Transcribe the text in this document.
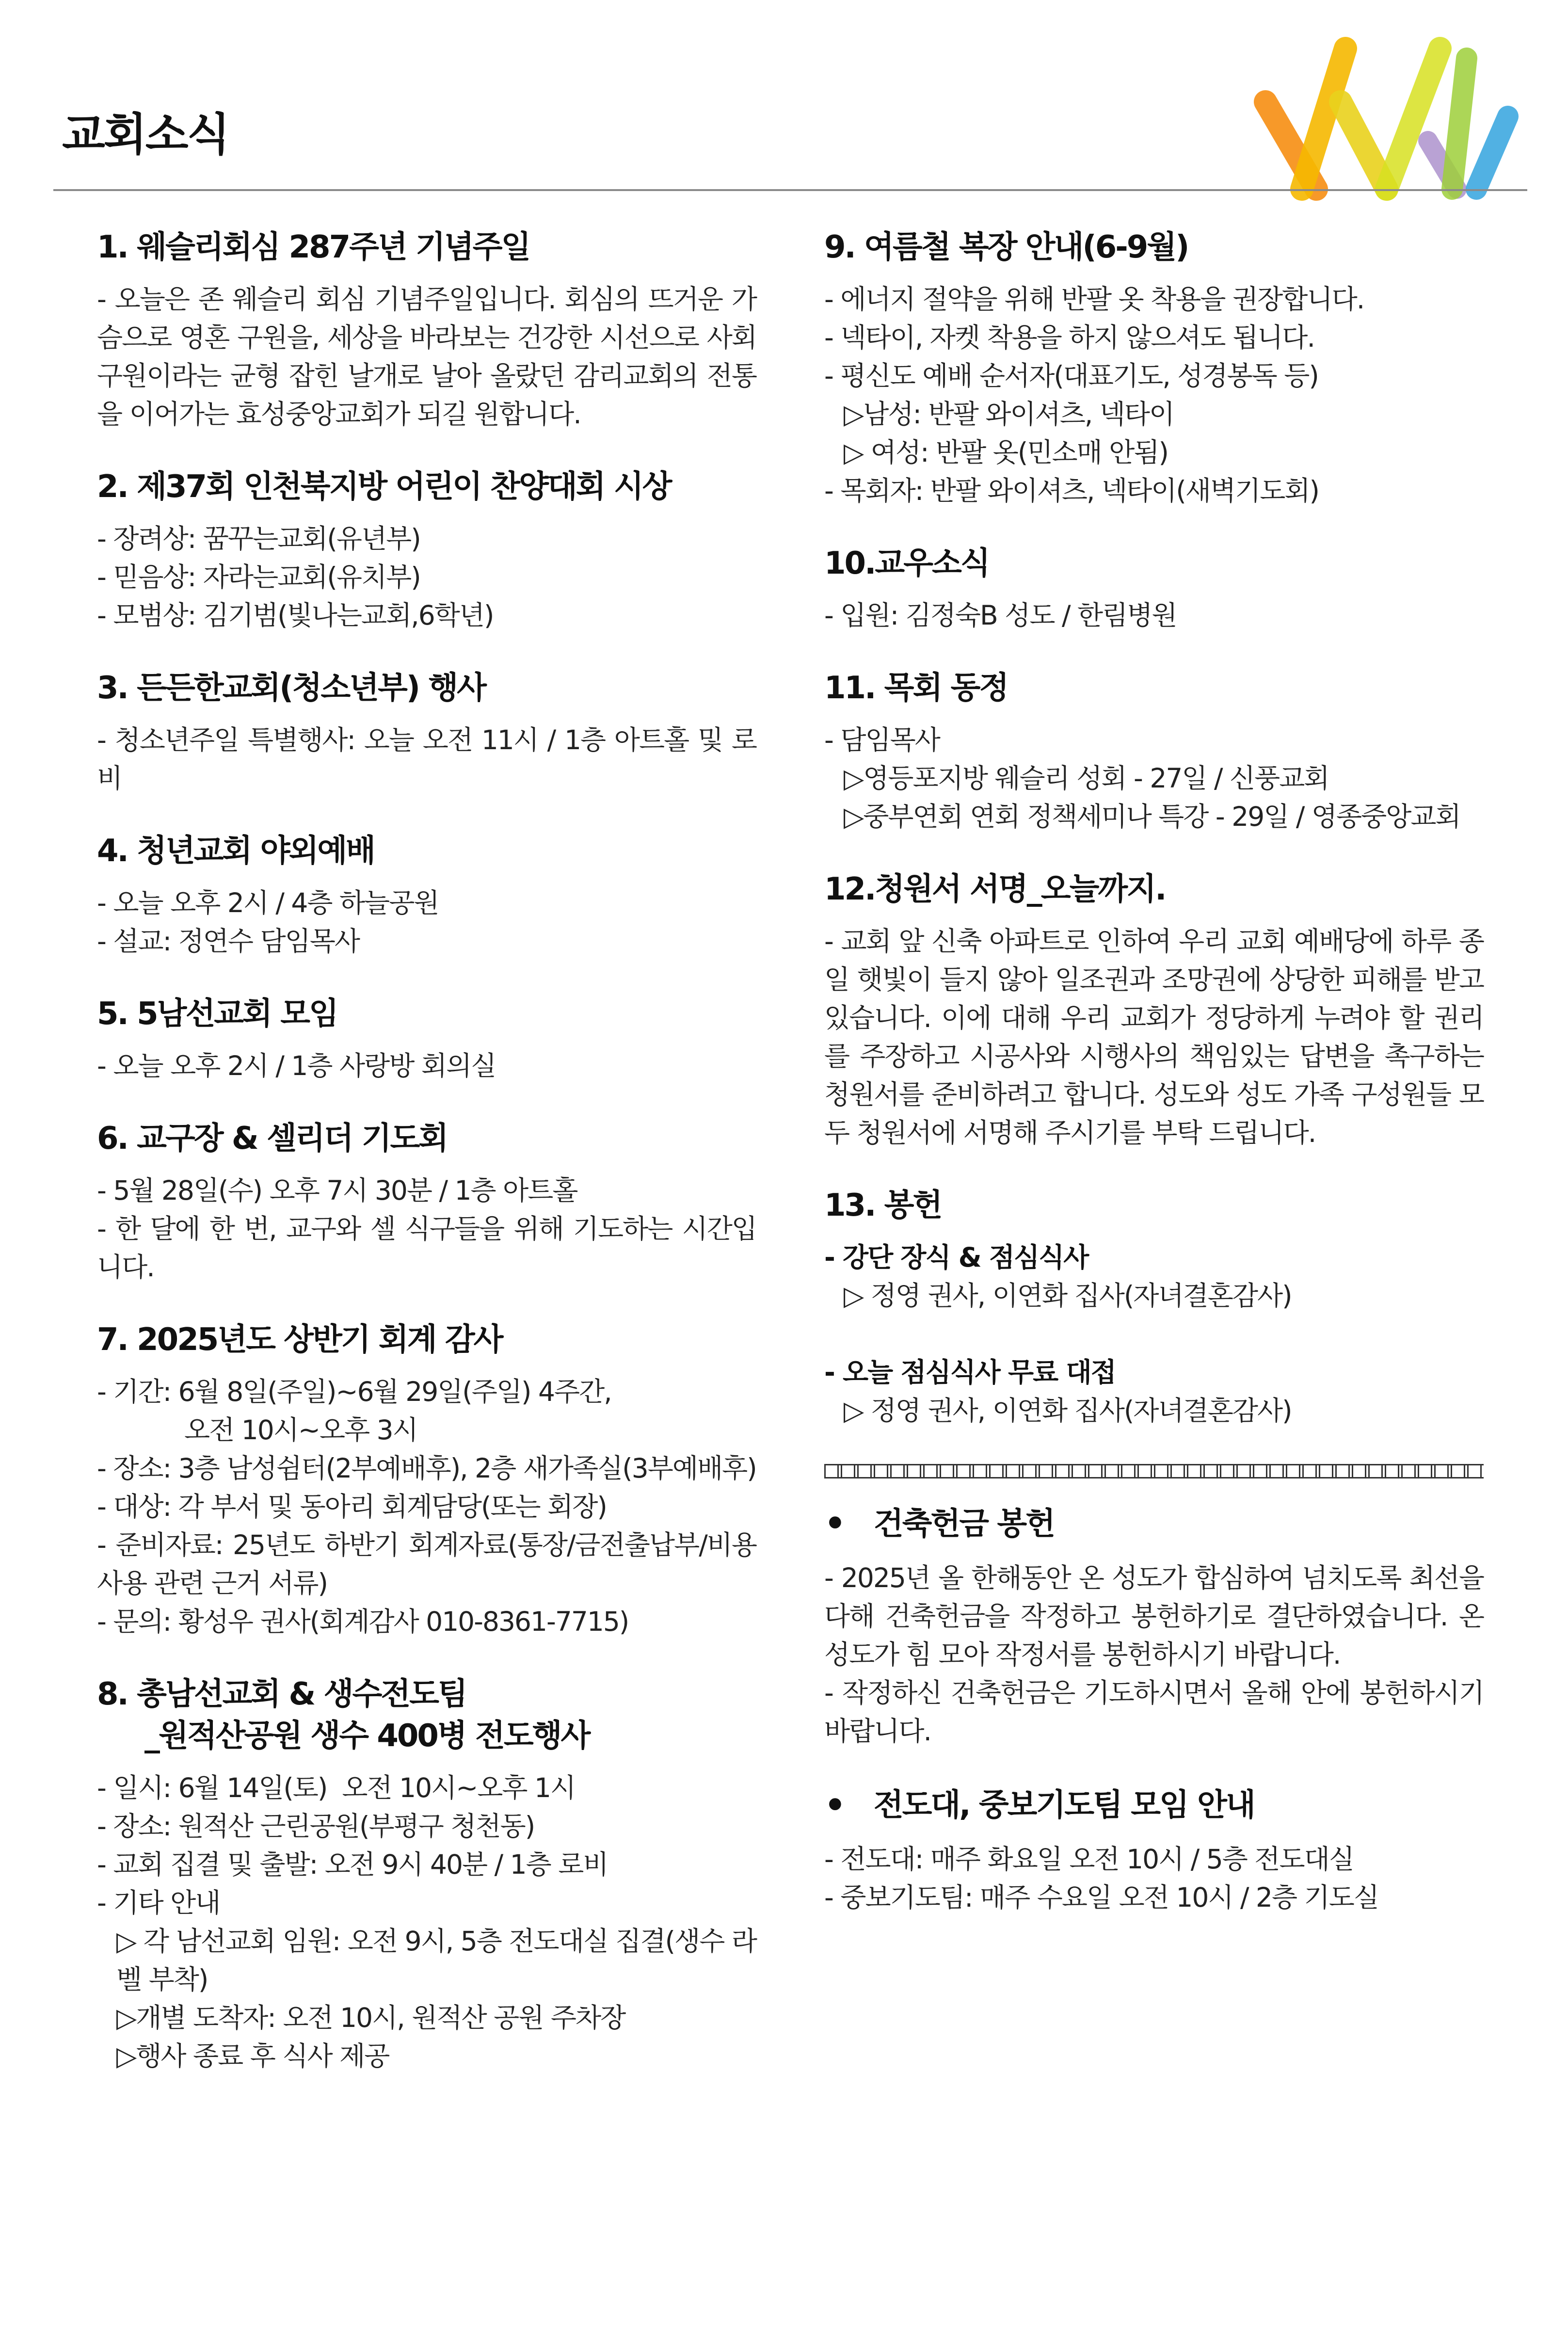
교회소식
1. 웨슬리회심 287주년 기념주일

- 오늘은 존 웨슬리 회심 기념주일입니다. 회심의 뜨거운 가슴으로 영혼 구원을, 세상을 바라보는 건강한 시선으로 사회구원이라는 균형 잡힌 날개로 날아 올랐던 감리교회의 전통을 이어가는 효성중앙교회가 되길 원합니다.

2. 제37회 인천북지방 어린이 찬양대회 시상

- 장려상: 꿈꾸는교회(유년부)

- 믿음상: 자라는교회(유치부)

- 모범상: 김기범(빛나는교회,6학년)

3. 든든한교회(청소년부) 행사

- 청소년주일 특별행사: 오늘 오전 11시 / 1층 아트홀 및 로비

4. 청년교회 야외예배

- 오늘 오후 2시 / 4층 하늘공원

- 설교: 정연수 담임목사

5. 5남선교회 모임

- 오늘 오후 2시 / 1층 사랑방 회의실

6. 교구장 & 셀리더 기도회

- 5월 28일(수) 오후 7시 30분 / 1층 아트홀

- 한 달에 한 번, 교구와 셀 식구들을 위해 기도하는 시간입니다.

7. 2025년도 상반기 회계 감사

- 기간: 6월 8일(주일)~6월 29일(주일) 4주간,

오전 10시~오후 3시

- 장소: 3층 남성쉼터(2부예배후), 2층 새가족실(3부예배후)

- 대상: 각 부서 및 동아리 회계담당(또는 회장)

- 준비자료: 25년도 하반기 회계자료(통장/금전출납부/비용 사용 관련 근거 서류)

- 문의: 황성우 권사(회계감사 010-8361-7715)

8. 총남선교회 & 생수전도팀
_원적산공원 생수 400병 전도행사

- 일시: 6월 14일(토)  오전 10시~오후 1시

- 장소: 원적산 근린공원(부평구 청천동)

- 교회 집결 및 출발: 오전 9시 40분 / 1층 로비

- 기타 안내

▷ 각 남선교회 임원: 오전 9시, 5층 전도대실 집결(생수 라벨 부착)

▷개별 도착자: 오전 10시, 원적산 공원 주차장

▷행사 종료 후 식사 제공

9. 여름철 복장 안내(6-9월)

- 에너지 절약을 위해 반팔 옷 착용을 권장합니다.

- 넥타이, 자켓 착용을 하지 않으셔도 됩니다.

- 평신도 예배 순서자(대표기도, 성경봉독 등)

▷남성: 반팔 와이셔츠, 넥타이

▷ 여성: 반팔 옷(민소매 안됨)

- 목회자: 반팔 와이셔츠, 넥타이(새벽기도회)

10.교우소식

- 입원: 김정숙B 성도 / 한림병원

11. 목회 동정

- 담임목사

▷영등포지방 웨슬리 성회 - 27일 / 신풍교회

▷중부연회 연회 정책세미나 특강 - 29일 / 영종중앙교회

12.청원서 서명_오늘까지.

- 교회 앞 신축 아파트로 인하여 우리 교회 예배당에 하루 종일 햇빛이 들지 않아 일조권과 조망권에 상당한 피해를 받고 있습니다. 이에 대해 우리 교회가 정당하게 누려야 할 권리를 주장하고 시공사와 시행사의 책임있는 답변을 촉구하는 청원서를 준비하려고 합니다. 성도와 성도 가족 구성원들 모두 청원서에 서명해 주시기를 부탁 드립니다.

13. 봉헌

- 강단 장식 & 점심식사

▷ 정영 권사, 이연화 집사(자녀결혼감사)

- 오늘 점심식사 무료 대접

▷ 정영 권사, 이연화 집사(자녀결혼감사)

• 건축헌금 봉헌

- 2025년 올 한해동안 온 성도가 합심하여 넘치도록 최선을 다해 건축헌금을 작정하고 봉헌하기로 결단하였습니다. 온 성도가 힘 모아 작정서를 봉헌하시기 바랍니다.

- 작정하신 건축헌금은 기도하시면서 올해 안에 봉헌하시기 바랍니다.

• 전도대, 중보기도팀 모임 안내

- 전도대: 매주 화요일 오전 10시 / 5층 전도대실

- 중보기도팀: 매주 수요일 오전 10시 / 2층 기도실
